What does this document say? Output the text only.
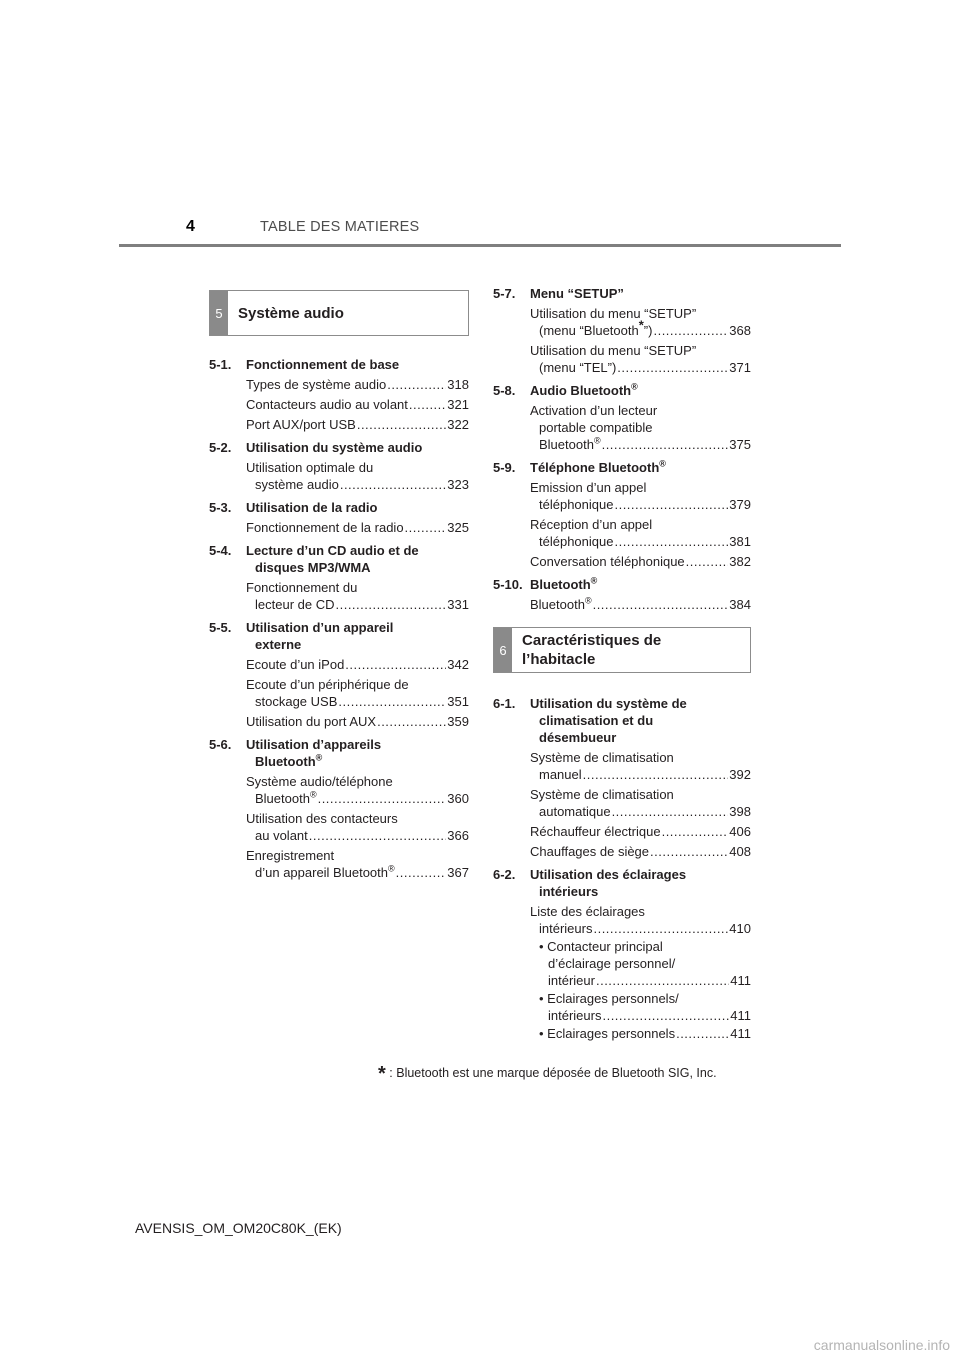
4	TABLE DES MATIERES
5	Système audio
5-1.	Fonctionnement de base
Types de système audio .....	318
Contacteurs audio au volant .....	321
Port AUX/port USB .....	322
5-2.	Utilisation du système audio
Utilisation optimale du
système audio .....	323
5-3.	Utilisation de la radio
Fonctionnement de la radio .....	325
5-4.	Lecture d’un CD audio et de
disques MP3/WMA
Fonctionnement du
lecteur de CD .....	331
5-5.	Utilisation d’un appareil
externe
Ecoute d’un iPod .....	342
Ecoute d’un périphérique de
stockage USB .....	351
Utilisation du port AUX .....	359
5-6.	Utilisation d’appareils
Bluetooth®
Système audio/téléphone
Bluetooth® .....	360
Utilisation des contacteurs
au volant .....	366
Enregistrement
d’un appareil Bluetooth® .....	367
5-7.	Menu “SETUP”
Utilisation du menu “SETUP”
(menu “Bluetooth*”) .....	368
Utilisation du menu “SETUP”
(menu “TEL”) .....	371
5-8.	Audio Bluetooth®
Activation d’un lecteur
portable compatible
Bluetooth® .....	375
5-9.	Téléphone Bluetooth®
Emission d’un appel
téléphonique .....	379
Réception d’un appel
téléphonique .....	381
Conversation téléphonique .....	382
5-10. Bluetooth®
Bluetooth® .....	384
6
Caractéristiques de
l’habitacle
6-1.	Utilisation du système de
climatisation et du
désembueur
Système de climatisation
manuel .....	392
Système de climatisation
automatique .....	398
Réchauffeur électrique .....	406
Chauffages de siège .....	408
6-2.	Utilisation des éclairages
intérieurs
Liste des éclairages
intérieurs .....	410
• Contacteur principal
d’éclairage personnel/
intérieur .....	411
• Eclairages personnels/
intérieurs .....	411
• Eclairages personnels .....	411
* : Bluetooth est une marque déposée de Bluetooth SIG, Inc.
AVENSIS_OM_OM20C80K_(EK)
carmanualsonline.info
